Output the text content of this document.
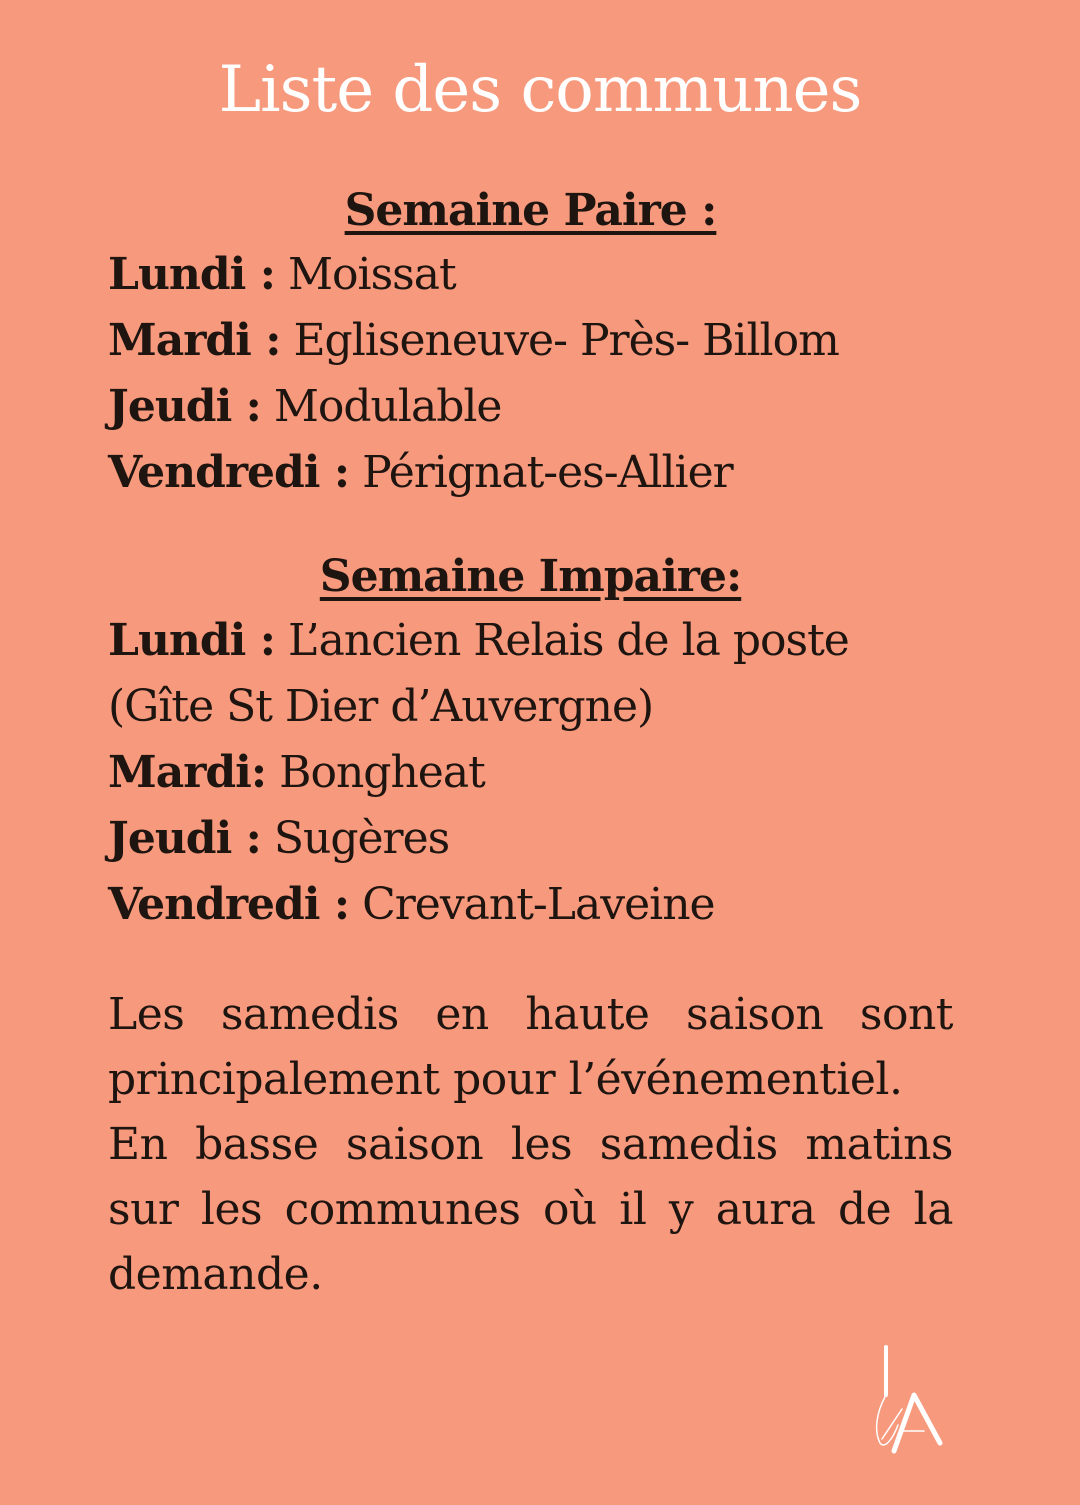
Liste des communes
Semaine Paire :
Lundi : Moissat
Mardi : Egliseneuve- Près- Billom
Jeudi : Modulable
Vendredi : Pérignat-es-Allier
Semaine Impaire:
Lundi : L’ancien Relais de la poste (Gîte St Dier d’Auvergne)
Mardi: Bongheat
Jeudi : Sugères
Vendredi : Crevant-Laveine

Les samedis en haute saison sont principalement pour l’événementiel.

En basse saison les samedis matins sur les communes où il y aura de la demande.
